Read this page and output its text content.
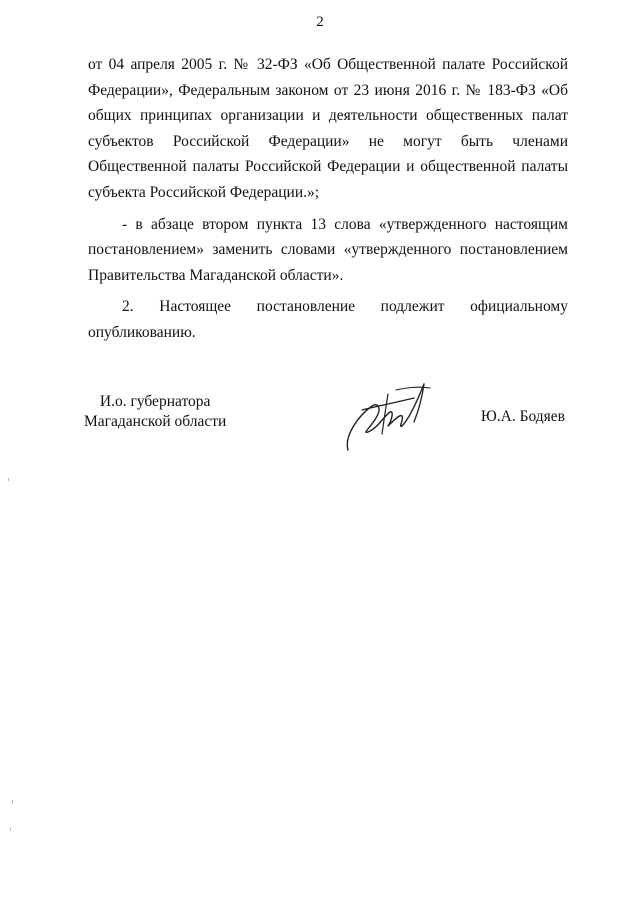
2

от 04 апреля 2005 г. № 32-ФЗ «Об Общественной палате Российской Федерации», Федеральным законом от 23 июня 2016 г. № 183-ФЗ «Об общих принципах организации и деятельности общественных палат субъектов Российской Федерации» не могут быть членами Общественной палаты Российской Федерации и общественной палаты субъекта Российской Федерации.»;

- в абзаце втором пункта 13 слова «утвержденного настоящим постановлением» заменить словами «утвержденного постановлением Правительства Магаданской области».

2. Настоящее постановление подлежит официальному опубликованию.

И.о. губернатора
Магаданской области	Ю.А. Бодяев
